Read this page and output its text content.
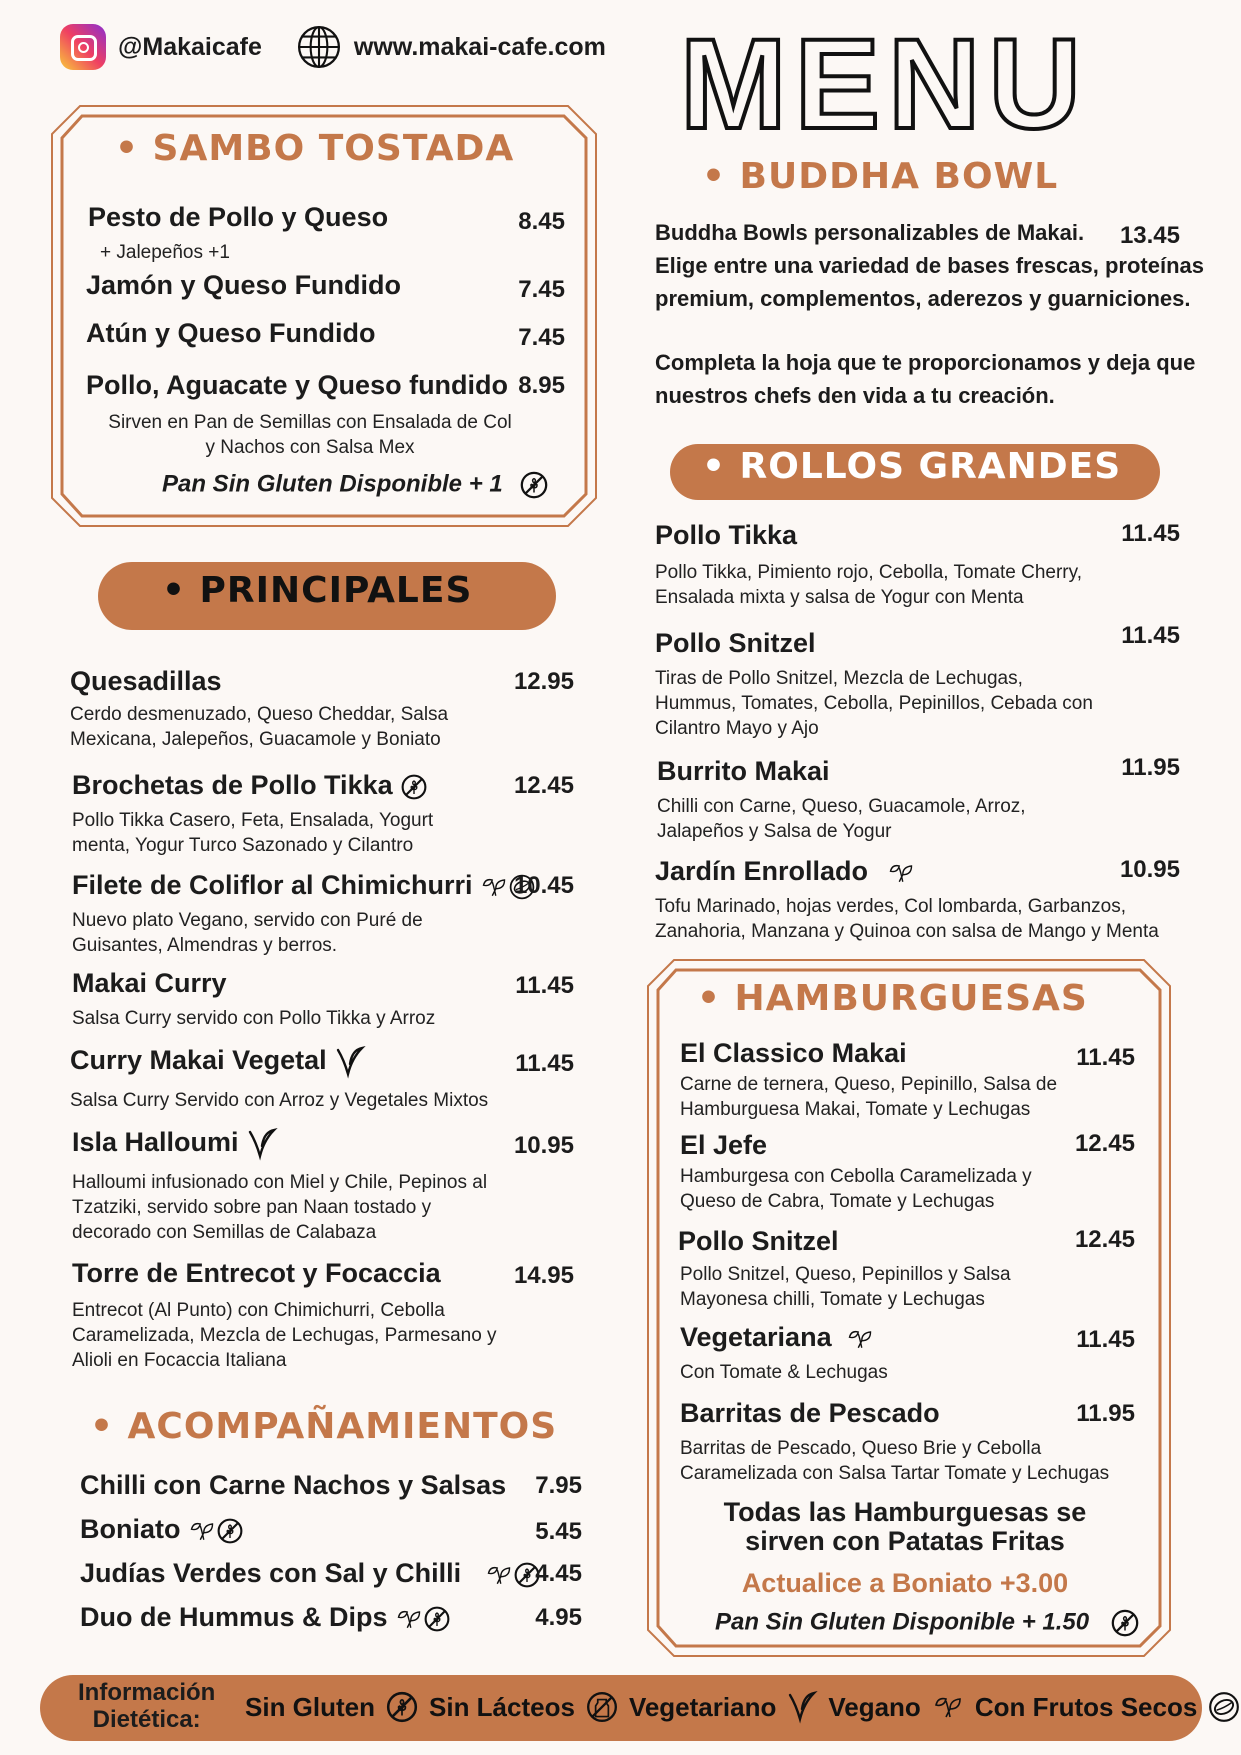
@Makaicafe	www.makai-cafe.com MENU
• SAMBO TOSTADA
Pesto de Pollo y Queso	8.45
+ Jalepeños +1
Jamón y Queso Fundido	7.45
Atún y Queso Fundido	7.45
Pollo, Aguacate y Queso fundido 8.95
Sirven en Pan de Semillas con Ensalada de Col
y Nachos con Salsa Mex
Pan Sin Gluten Disponible + 1
• PRINCIPALES
Quesadillas	12.95
Cerdo desmenuzado, Queso Cheddar, Salsa
Mexicana, Jalepeños, Guacamole y Boniato
Brochetas de Pollo Tikka	12.45
Pollo Tikka Casero, Feta, Ensalada, Yogurt
menta, Yogur Turco Sazonado y Cilantro
Filete de Coliflor al Chimichurri	10.45
Nuevo plato Vegano, servido con Puré de
Guisantes, Almendras y berros.
Makai Curry	11.45
Salsa Curry servido con Pollo Tikka y Arroz
Curry Makai Vegetal	11.45
Salsa Curry Servido con Arroz y Vegetales Mixtos
Isla Halloumi	10.95
Halloumi infusionado con Miel y Chile, Pepinos al
Tzatziki, servido sobre pan Naan tostado y
decorado con Semillas de Calabaza
Torre de Entrecot y Focaccia	14.95
Entrecot (Al Punto) con Chimichurri, Cebolla
Caramelizada, Mezcla de Lechugas, Parmesano y
Alioli en Focaccia Italiana
• ACOMPAÑAMIENTOS
Chilli con Carne Nachos y Salsas	7.95
Boniato	5.45
Judías Verdes con Sal y Chilli	4.45
Duo de Hummus & Dips	4.95
• BUDDHA BOWL
13.45
Buddha Bowls personalizables de Makai.
Elige entre una variedad de bases frescas, proteínas
premium, complementos, aderezos y guarniciones.
Completa la hoja que te proporcionamos y deja que
nuestros chefs den vida a tu creación.
• ROLLOS GRANDES
Pollo Tikka	11.45
Pollo Tikka, Pimiento rojo, Cebolla, Tomate Cherry,
Ensalada mixta y salsa de Yogur con Menta
Pollo Snitzel	11.45
Tiras de Pollo Snitzel, Mezcla de Lechugas,
Hummus, Tomates, Cebolla, Pepinillos, Cebada con
Cilantro Mayo y Ajo
Burrito Makai	11.95
Chilli con Carne, Queso, Guacamole, Arroz,
Jalapeños y Salsa de Yogur
Jardín Enrollado	10.95
Tofu Marinado, hojas verdes, Col lombarda, Garbanzos,
Zanahoria, Manzana y Quinoa con salsa de Mango y Menta
• HAMBURGUESAS
El Classico Makai	11.45
Carne de ternera, Queso, Pepinillo, Salsa de
Hamburguesa Makai, Tomate y Lechugas
El Jefe	12.45
Hamburgesa con Cebolla Caramelizada y
Queso de Cabra, Tomate y Lechugas
Pollo Snitzel	12.45
Pollo Snitzel, Queso, Pepinillos y Salsa
Mayonesa chilli, Tomate y Lechugas
Vegetariana	11.45
Con Tomate & Lechugas
Barritas de Pescado	11.95
Barritas de Pescado, Queso Brie y Cebolla
Caramelizada con Salsa Tartar Tomate y Lechugas
Todas las Hamburguesas se
sirven con Patatas Fritas
Actualice a Boniato +3.00
Pan Sin Gluten Disponible + 1.50
Información
Dietética:	Sin Gluten Sin Lácteos Vegetariano Vegano Con Frutos Secos
